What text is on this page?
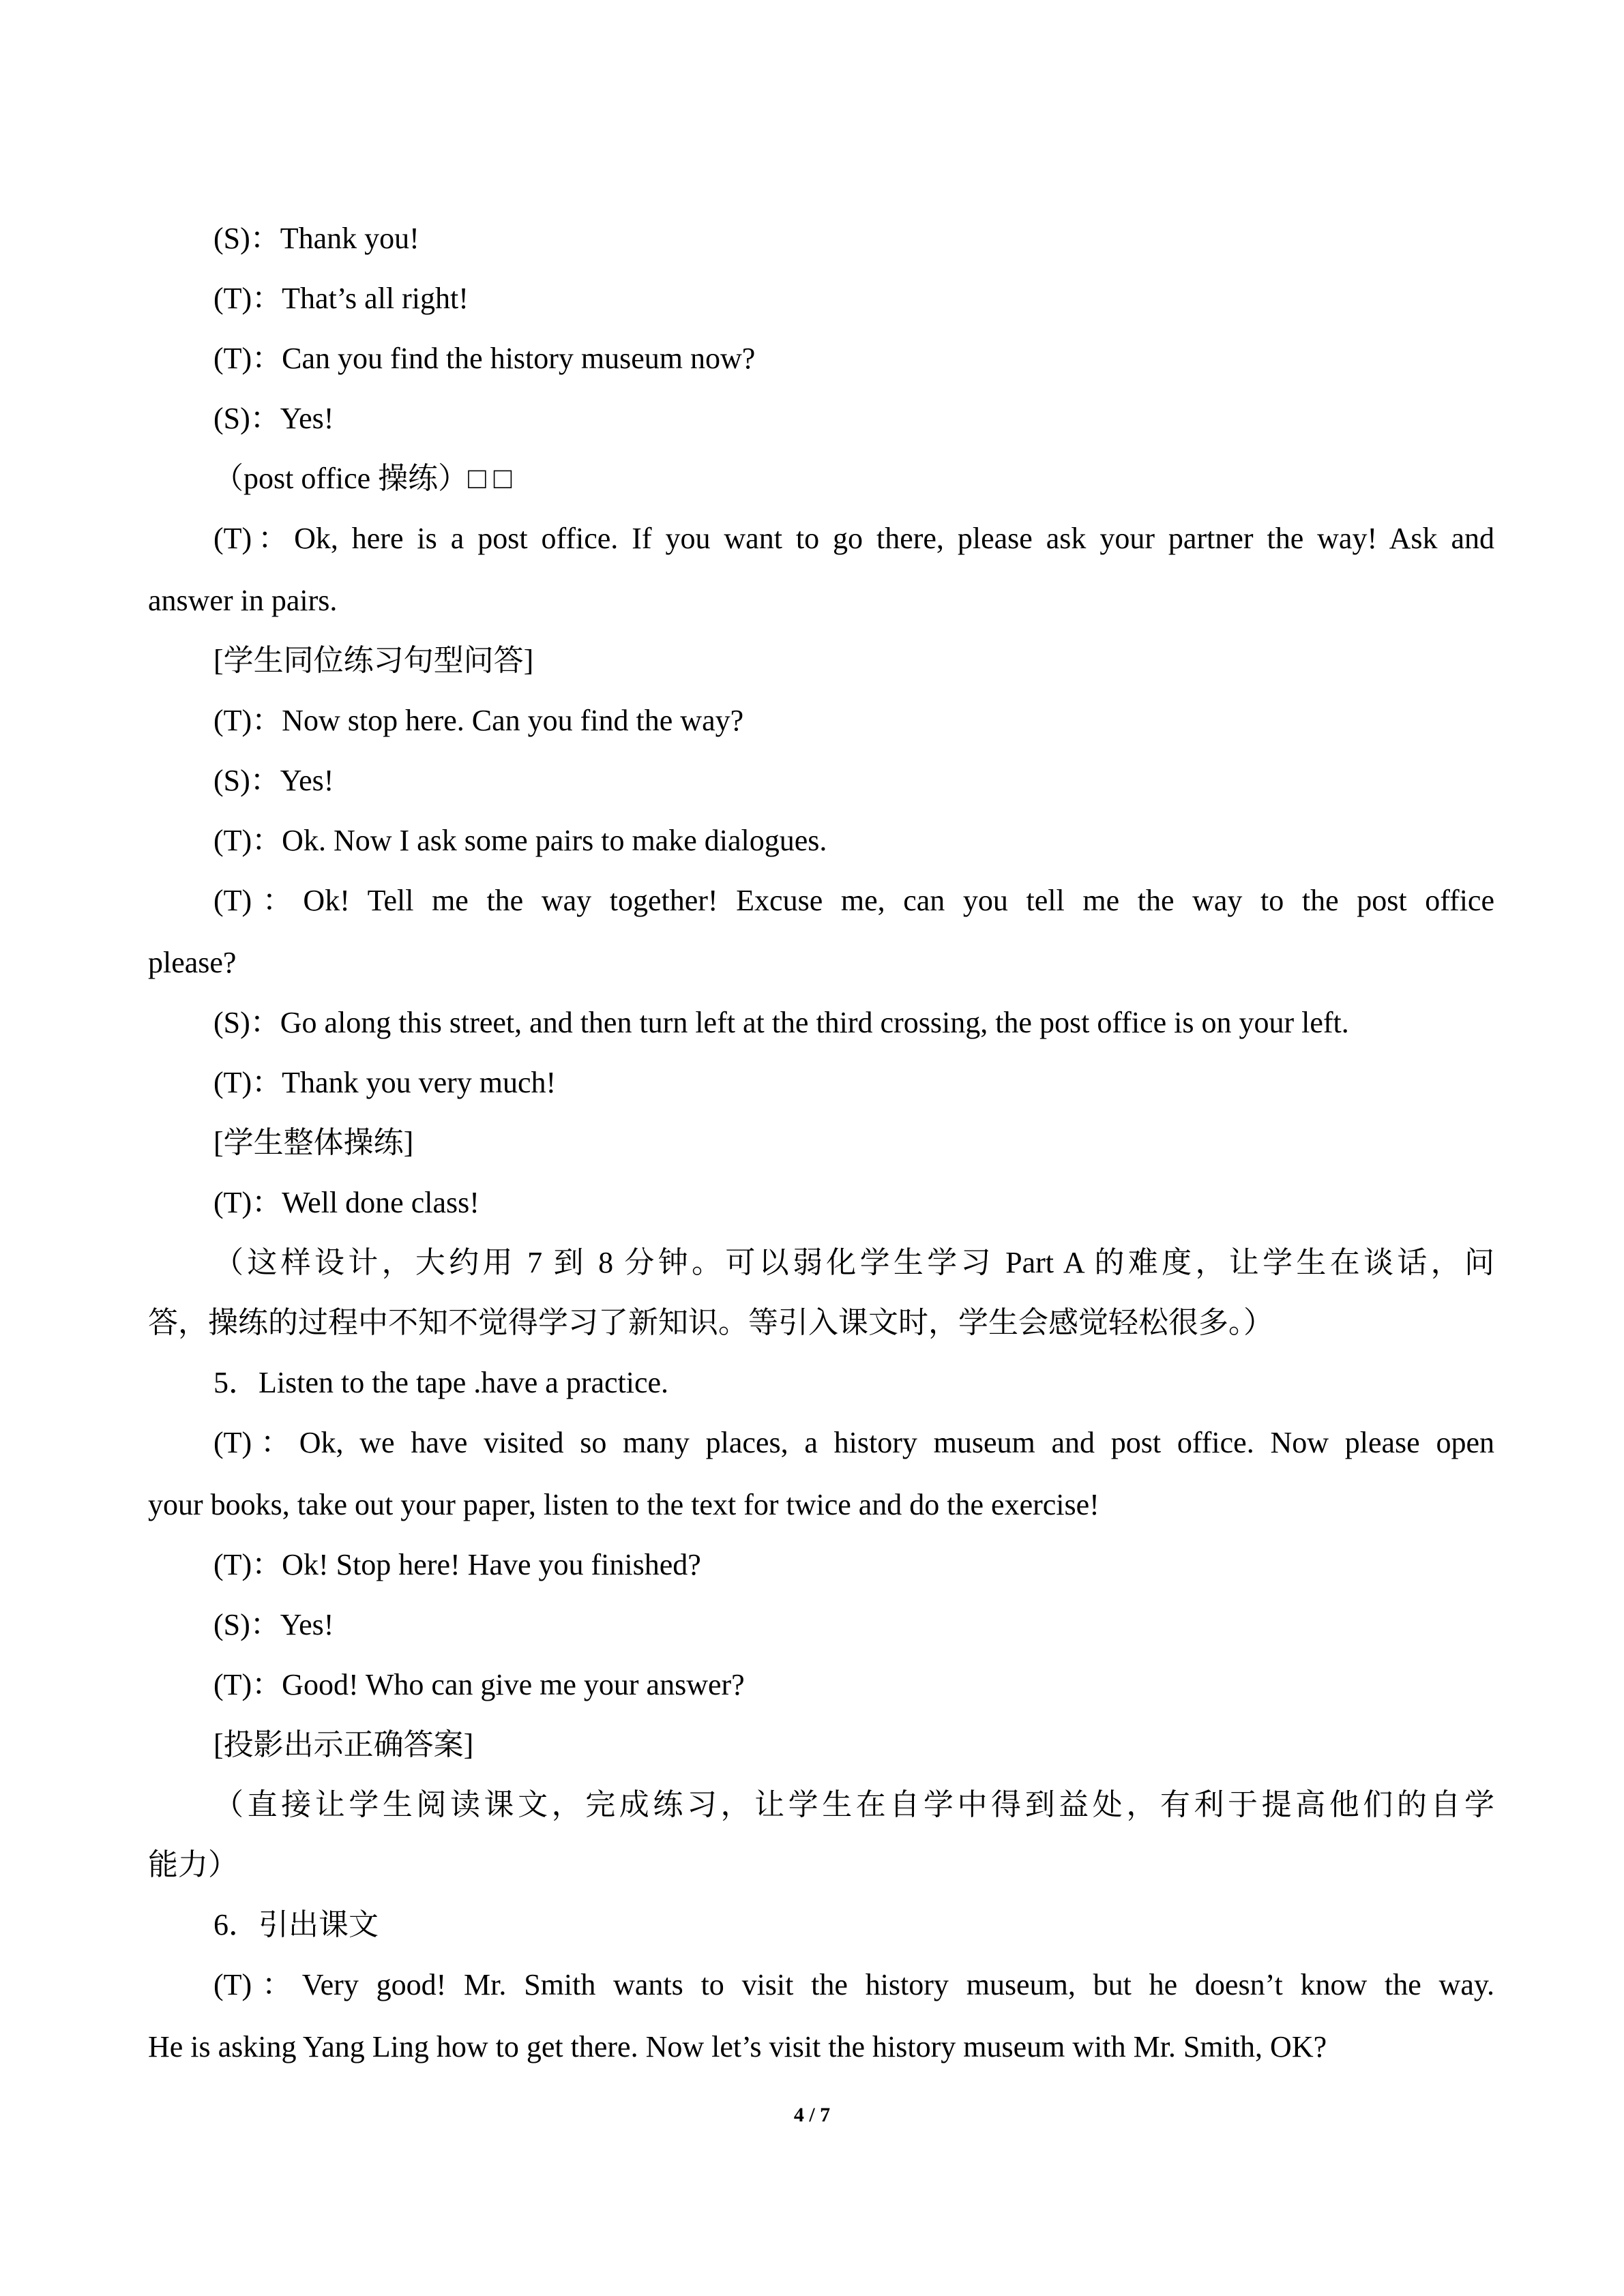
(S)：Thank you!
(T)：That’s all right!
(T)：Can you find the history museum now?
(S)：Yes!
（post office 操练）□ □
(T)：Ok, here is a post office. If you want to go there, please ask your partner the way! Ask and
answer in pairs.
[学生同位练习句型问答]
(T)：Now stop here. Can you find the way?
(S)：Yes!
(T)：Ok. Now I ask some pairs to make dialogues.
(T)：Ok! Tell me the way together! Excuse me, can you tell me the way to the post office
please?
(S)：Go along this street, and then turn left at the third crossing, the post office is on your left.
(T)：Thank you very much!
[学生整体操练]
(T)：Well done class!
（这样设计，大约用 7 到 8 分钟。可以弱化学生学习 Part A 的难度，让学生在谈话，问
答，操练的过程中不知不觉得学习了新知识。等引入课文时，学生会感觉轻松很多。）
5．Listen to the tape .have a practice.
(T)：Ok, we have visited so many places, a history museum and post office. Now please open
your books, take out your paper, listen to the text for twice and do the exercise!
(T)：Ok! Stop here! Have you finished?
(S)：Yes!
(T)：Good! Who can give me your answer?
[投影出示正确答案]
（直接让学生阅读课文，完成练习，让学生在自学中得到益处，有利于提高他们的自学
能力）
6．引出课文
(T)：Very good! Mr. Smith wants to visit the history museum, but he doesn’t know the way.
He is asking Yang Ling how to get there. Now let’s visit the history museum with Mr. Smith, OK?
4 / 7
